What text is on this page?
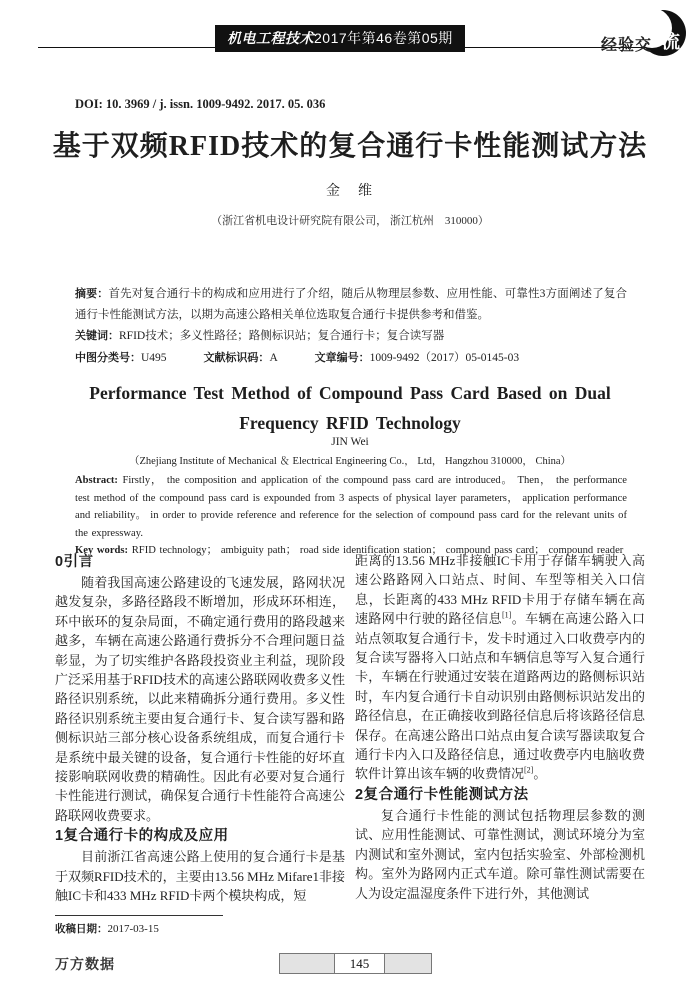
机电工程技术2017年第46卷第05期	经验交 流
DOI: 10. 3969 / j. issn. 1009-9492. 2017. 05. 036
基于双频RFID技术的复合通行卡性能测试方法
金　维
（浙江省机电设计研究院有限公司， 浙江杭州　310000）

摘要：首先对复合通行卡的构成和应用进行了介绍，随后从物理层参数、应用性能、可靠性3方面阐述了复合通行卡性能测试方法，以期为高速公路相关单位选取复合通行卡提供参考和借鉴。

关键词：RFID技术；多义性路径；路侧标识站；复合通行卡；复合读写器

中图分类号：U495	文献标识码：A	文章编号：1009-9492（2017）05-0145-03

Performance Test Method of Compound Pass Card Based on Dual
Frequency RFID Technology
JIN Wei
（Zhejiang Institute of Mechanical ＆ Electrical Engineering Co.， Ltd， Hangzhou 310000， China）
Abstract: Firstly， the composition and application of the compound pass card are introduced。 Then， the performance test method of the compound pass card is expounded from 3 aspects of physical layer parameters， application performance and reliability。 in order to provide reference and reference for the selection of compound pass card for the relevant units of the expressway.
Key words: RFID technology； ambiguity path； road side identification station； compound pass card； compound reader
0引言

随着我国高速公路建设的飞速发展，路网状况越发复杂，多路径路段不断增加，形成环环相连，环中嵌环的复杂局面，不确定通行费用的路段越来越多，车辆在高速公路通行费拆分不合理问题日益彰显，为了切实维护各路段投资业主利益，现阶段广泛采用基于RFID技术的高速公路联网收费多义性路径识别系统，以此来精确拆分通行费用。多义性路径识别系统主要由复合通行卡、复合读写器和路侧标识站三部分核心设备系统组成，而复合通行卡是系统中最关键的设备，复合通行卡性能的好坏直接影响联网收费的精确性。因此有必要对复合通行卡性能进行测试，确保复合通行卡性能符合高速公路联网收费要求。

1复合通行卡的构成及应用

目前浙江省高速公路上使用的复合通行卡是基于双频RFID技术的，主要由13.56 MHz Mifare1非接触IC卡和433 MHz RFID卡两个模块构成，短

收稿日期：2017-03-15

距离的13.56 MHz非接触IC卡用于存储车辆驶入高速公路路网入口站点、时间、车型等相关入口信息，长距离的433 MHz RFID卡用于存储车辆在高速路网中行驶的路径信息[1]。车辆在高速公路入口站点领取复合通行卡，发卡时通过入口收费亭内的复合读写器将入口站点和车辆信息等写入复合通行卡，车辆在行驶通过安装在道路两边的路侧标识站时，车内复合通行卡自动识别由路侧标识站发出的路径信息，在正确接收到路径信息后将该路径信息保存。在高速公路出口站点由复合读写器读取复合通行卡内入口及路径信息，通过收费亭内电脑收费软件计算出该车辆的收费情况[2]。

2复合通行卡性能测试方法

复合通行卡性能的测试包括物理层参数的测试、应用性能测试、可靠性测试，测试环境分为室内测试和室外测试，室内包括实验室、外部检测机构。室外为路网内正式车道。除可靠性测试需要在人为设定温湿度条件下进行外，其他测试

万方数据	145
